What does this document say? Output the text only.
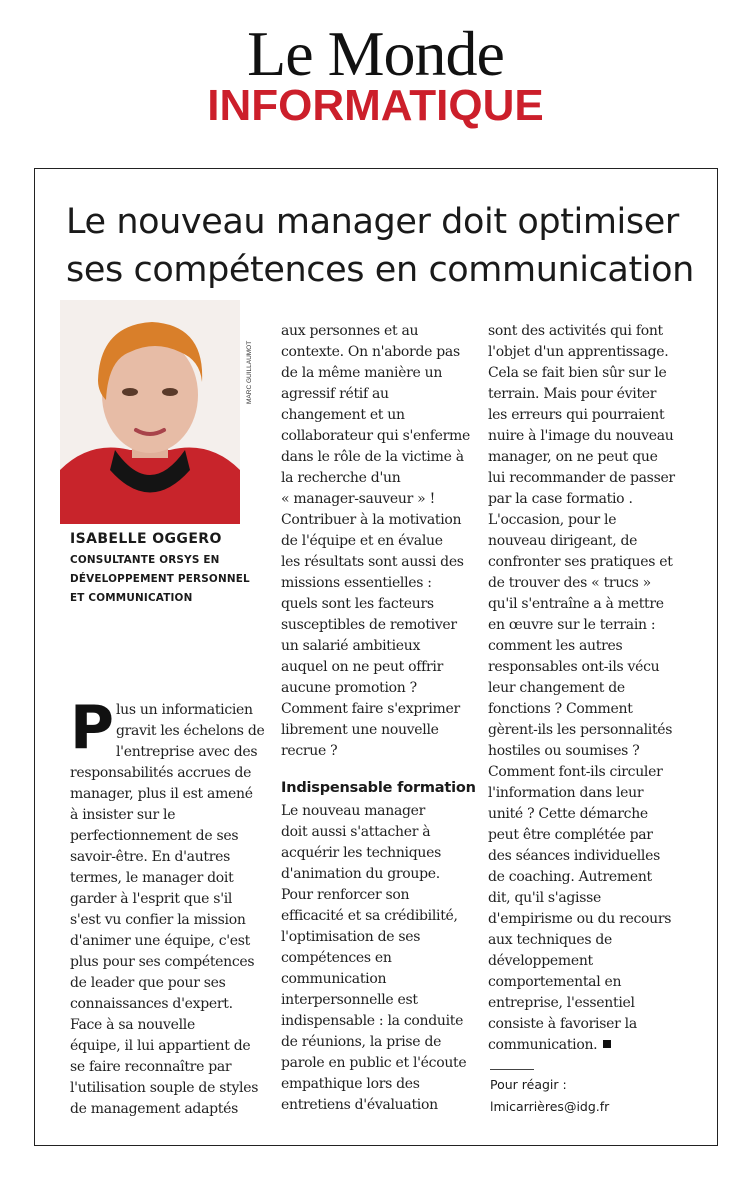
Le Monde
INFORMATIQUE
Le nouveau manager doit optimiser
ses compétences en communication
MARC GUILLAUMOT
ISABELLE OGGERO
CONSULTANTE ORSYS EN
DÉVELOPPEMENT PERSONNEL
ET COMMUNICATION
P lus un informaticien
gravit les échelons de
l'entreprise avec des
responsabilités accrues de
manager, plus il est amené
à insister sur le
perfectionnement de ses
savoir-être. En d'autres
termes, le manager doit
garder à l'esprit que s'il
s'est vu confier la mission
d'animer une équipe, c'est
plus pour ses compétences
de leader que pour ses
connaissances d'expert.
Face à sa nouvelle
équipe, il lui appartient de
se faire reconnaître par
l'utilisation souple de styles
de management adaptés
aux personnes et au
contexte. On n'aborde pas
de la même manière un
agressif rétif au
changement et un
collaborateur qui s'enferme
dans le rôle de la victime à
la recherche d'un
« manager-sauveur » !
Contribuer à la motivation
de l'équipe et en évalue
les résultats sont aussi des
missions essentielles :
quels sont les facteurs
susceptibles de remotiver
un salarié ambitieux
auquel on ne peut offrir
aucune promotion ?
Comment faire s'exprimer
librement une nouvelle
recrue ?
Indispensable formation
Le nouveau manager
doit aussi s'attacher à
acquérir les techniques
d'animation du groupe.
Pour renforcer son
efficacité et sa crédibilité,
l'optimisation de ses
compétences en
communication
interpersonnelle est
indispensable : la conduite
de réunions, la prise de
parole en public et l'écoute
empathique lors des
entretiens d'évaluation
sont des activités qui font
l'objet d'un apprentissage.
Cela se fait bien sûr sur le
terrain. Mais pour éviter
les erreurs qui pourraient
nuire à l'image du nouveau
manager, on ne peut que
lui recommander de passer
par la case formatio .
L'occasion, pour le
nouveau dirigeant, de
confronter ses pratiques et
de trouver des « trucs »
qu'il s'entraîne a à mettre
en œuvre sur le terrain :
comment les autres
responsables ont-ils vécu
leur changement de
fonctions ? Comment
gèrent-ils les personnalités
hostiles ou soumises ?
Comment font-ils circuler
l'information dans leur
unité ? Cette démarche
peut être complétée par
des séances individuelles
de coaching. Autrement
dit, qu'il s'agisse
d'empirisme ou du recours
aux techniques de
développement
comportemental en
entreprise, l'essentiel
consiste à favoriser la
communication.
Pour réagir :
lmicarrières@idg.fr
